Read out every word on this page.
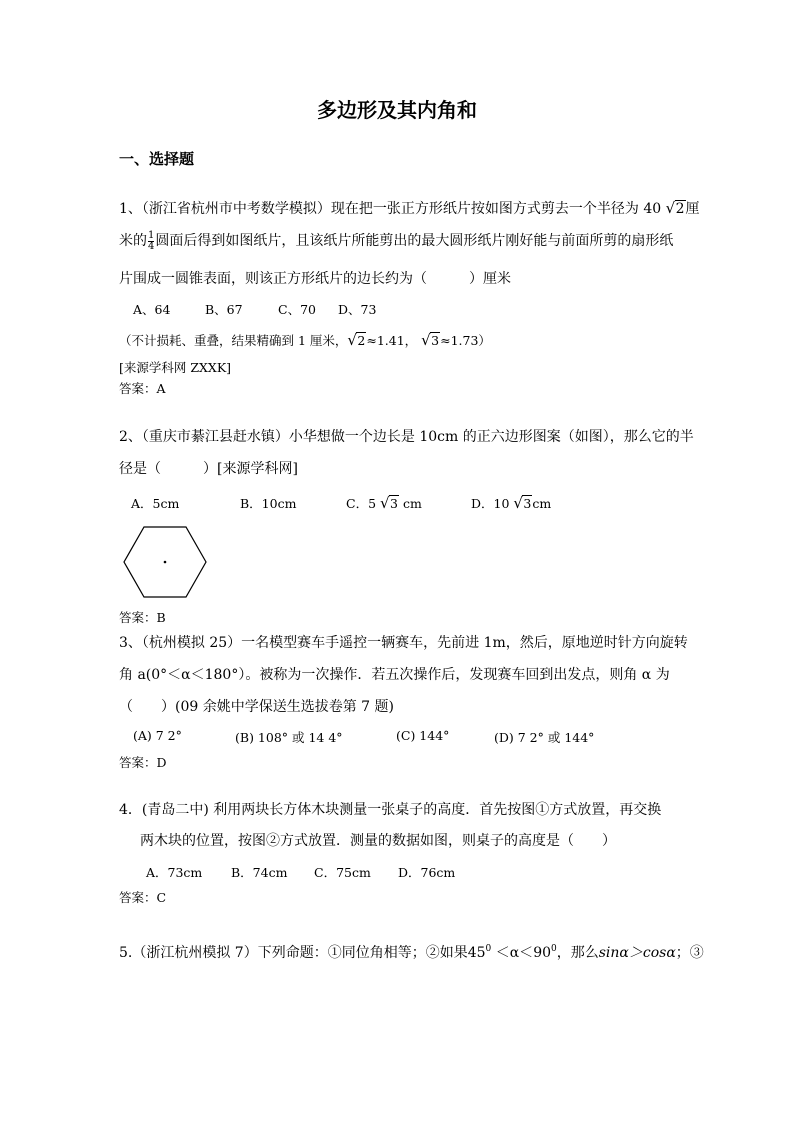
多边形及其内角和
一、选择题
1、（浙江省杭州市中考数学模拟）现在把一张正方形纸片按如图方式剪去一个半径为 40 √ 2厘
米的 $\frac{1}{4}$ 圆面后得到如图纸片，且该纸片所能剪出的最大圆形纸片刚好能与前面所剪的扇形纸
片围成一圆锥表面，则该正方形纸片的边长约为（　　　）厘米
A、64	B、67	C、70 D、73
（不计损耗、重叠，结果精确到 1 厘米， √ 2≈1.41， √ 3≈1.73）
[来源学科网 ZXXK]
答案：A
2、（重庆市綦江县赶水镇）小华想做一个边长是 10cm 的正六边形图案（如图），那么它的半
径是（　　　）[来源学科网]
A．5cm	B．10cm	C．5 √ 3 cm	D．10 √ 3cm
答案：B
3、（杭州模拟 25）一名模型赛车手遥控一辆赛车，先前进 1m，然后，原地逆时针方向旋转
角 a(0°＜α＜180°）。被称为一次操作．若五次操作后，发现赛车回到出发点，则角 α 为
（　　）(09 余姚中学保送生选拔卷第 7 题)
(A) 7 2°	(B) 108° 或 14 4°	(C) 144°	(D) 7 2° 或 144°
答案：D
4．(青岛二中) 利用两块长方体木块测量一张桌子的高度．首先按图①方式放置，再交换
两木块的位置，按图②方式放置．测量的数据如图，则桌子的高度是（　　）
A．73cm B．74cm C．75cm D．76cm
答案：C
5.（浙江杭州模拟 7）下列命题：①同位角相等；②如果$45^0 <\alpha<90^0$，那么sinα＞cosα；③
